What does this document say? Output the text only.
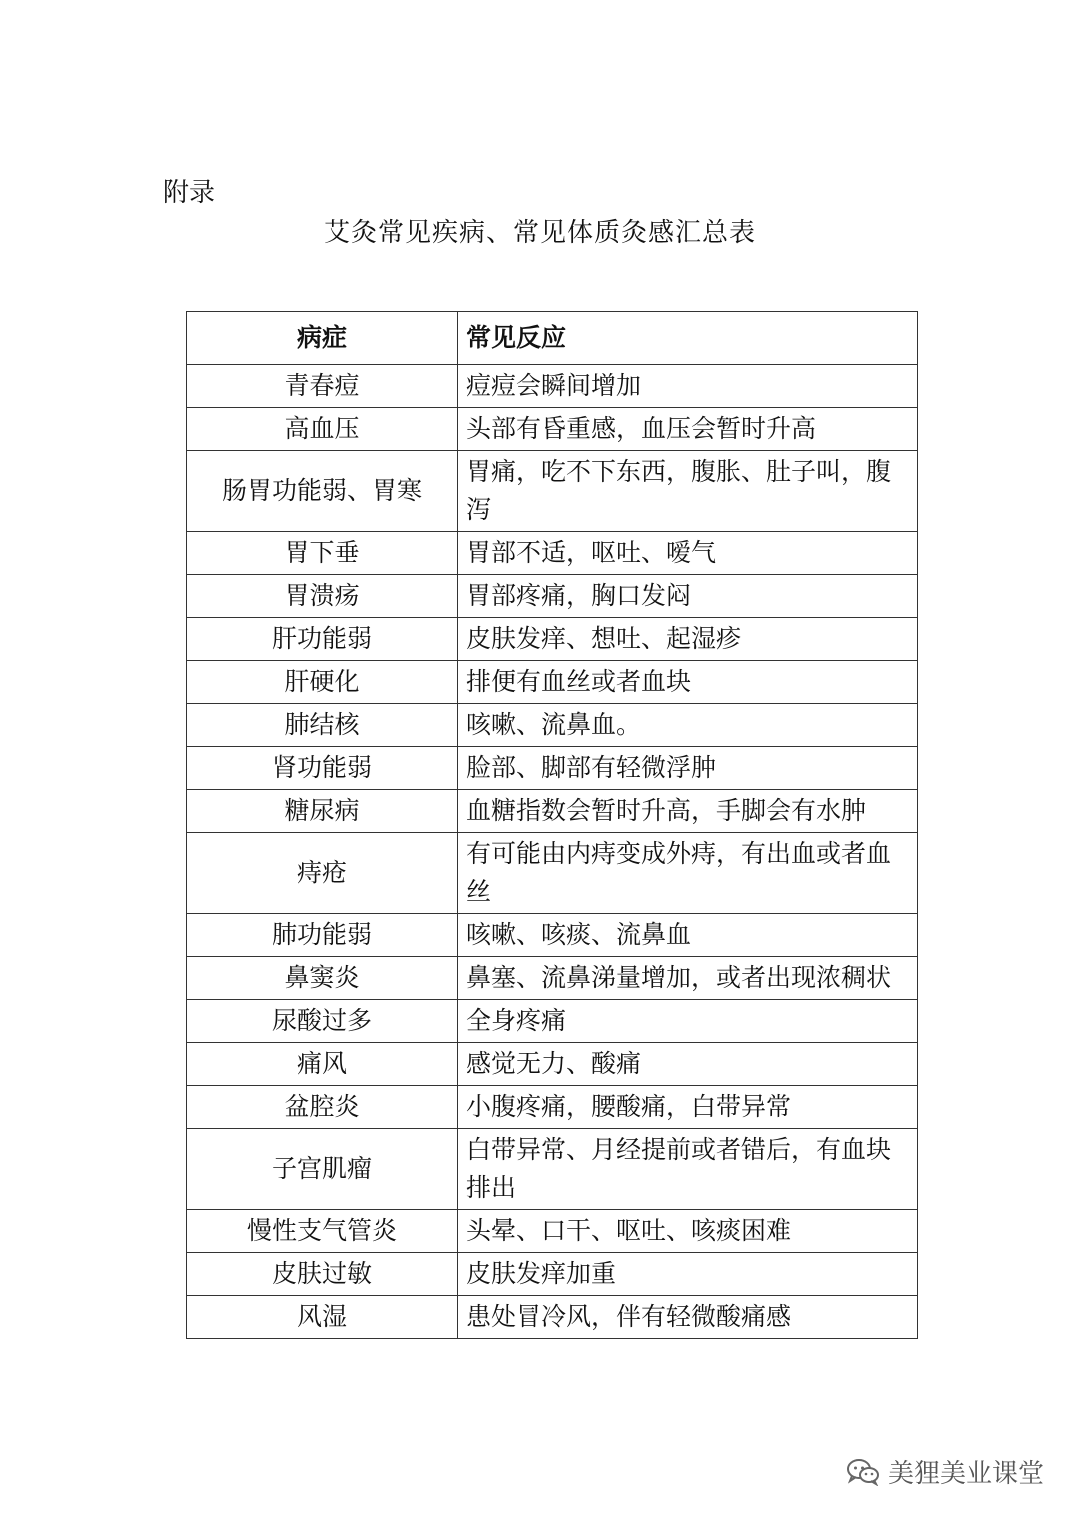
附录

艾灸常见疾病、常见体质灸感汇总表
病症	常见反应
青春痘	痘痘会瞬间增加
高血压	头部有昏重感，血压会暂时升高
肠胃功能弱、胃寒	胃痛，吃不下东西，腹胀、肚子叫，腹泻
胃下垂	胃部不适，呕吐、嗳气
胃溃疡	胃部疼痛，胸口发闷
肝功能弱	皮肤发痒、想吐、起湿疹
肝硬化	排便有血丝或者血块
肺结核	咳嗽、流鼻血。
肾功能弱	脸部、脚部有轻微浮肿
糖尿病	血糖指数会暂时升高，手脚会有水肿
痔疮	有可能由内痔变成外痔，有出血或者血丝
肺功能弱	咳嗽、咳痰、流鼻血
鼻窦炎	鼻塞、流鼻涕量增加，或者出现浓稠状
尿酸过多	全身疼痛
痛风	感觉无力、酸痛
盆腔炎	小腹疼痛，腰酸痛，白带异常
子宫肌瘤	白带异常、月经提前或者错后，有血块排出
慢性支气管炎	头晕、口干、呕吐、咳痰困难
皮肤过敏	皮肤发痒加重
风湿	患处冒冷风，伴有轻微酸痛感
美狸美业课堂
